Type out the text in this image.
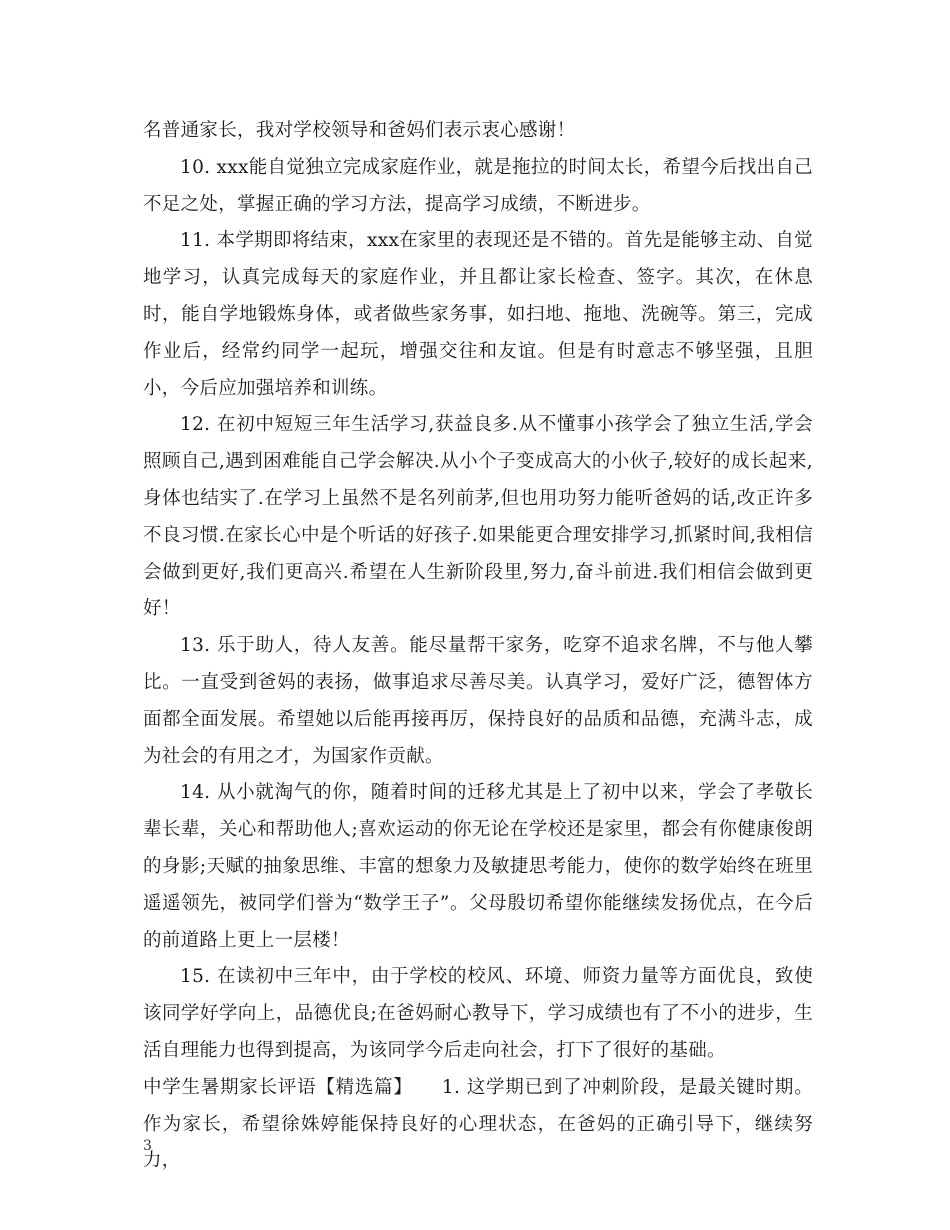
名普通家长，我对学校领导和爸妈们表示衷心感谢！

10. xxx能自觉独立完成家庭作业，就是拖拉的时间太长，希望今后找出自己不足之处，掌握正确的学习方法，提高学习成绩，不断进步。

11. 本学期即将结束，xxx在家里的表现还是不错的。首先是能够主动、自觉地学习，认真完成每天的家庭作业，并且都让家长检查、签字。其次，在休息时，能自学地锻炼身体，或者做些家务事，如扫地、拖地、洗碗等。第三，完成作业后，经常约同学一起玩，增强交往和友谊。但是有时意志不够坚强，且胆小，今后应加强培养和训练。

12. 在初中短短三年生活学习,获益良多.从不懂事小孩学会了独立生活,学会照顾自己,遇到困难能自己学会解决.从小个子变成高大的小伙子,较好的成长起来,身体也结实了.在学习上虽然不是名列前茅,但也用功努力能听爸妈的话,改正许多不良习惯.在家长心中是个听话的好孩子.如果能更合理安排学习,抓紧时间,我相信会做到更好,我们更高兴.希望在人生新阶段里,努力,奋斗前进.我们相信会做到更好！

13. 乐于助人，待人友善。能尽量帮干家务，吃穿不追求名牌，不与他人攀比。一直受到爸妈的表扬，做事追求尽善尽美。认真学习，爱好广泛，德智体方面都全面发展。希望她以后能再接再厉，保持良好的品质和品德，充满斗志，成为社会的有用之才，为国家作贡献。

14. 从小就淘气的你，随着时间的迁移尤其是上了初中以来，学会了孝敬长辈长辈，关心和帮助他人;喜欢运动的你无论在学校还是家里，都会有你健康俊朗的身影;天赋的抽象思维、丰富的想象力及敏捷思考能力，使你的数学始终在班里遥遥领先，被同学们誉为“数学王子”。父母殷切希望你能继续发扬优点，在今后的前道路上更上一层楼！

15. 在读初中三年中，由于学校的校风、环境、师资力量等方面优良，致使该同学好学向上，品德优良;在爸妈耐心教导下，学习成绩也有了不小的进步，生活自理能力也得到提高，为该同学今后走向社会，打下了很好的基础。

中学生暑期家长评语【精选篇】　　1. 这学期已到了冲刺阶段，是最关键时期。作为家长，希望徐姝婷能保持良好的心理状态，在爸妈的正确引导下，继续努力，

3
